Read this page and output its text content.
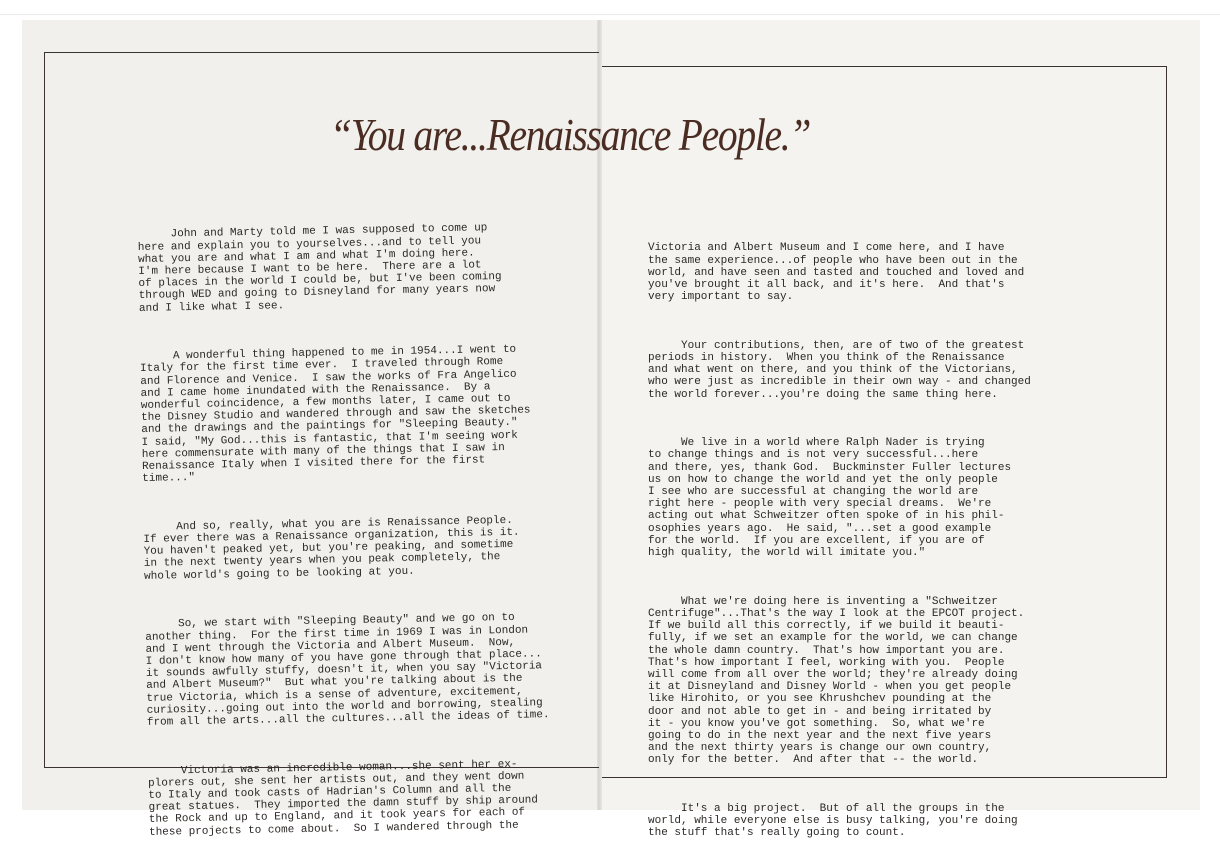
“You are...Renaissance People.”

John and Marty told me I was supposed to come up
here and explain you to yourselves...and to tell you
what you are and what I am and what I'm doing here.
I'm here because I want to be here.  There are a lot
of places in the world I could be, but I've been coming
through WED and going to Disneyland for many years now
and I like what I see.

A wonderful thing happened to me in 1954...I went to
Italy for the first time ever.  I traveled through Rome
and Florence and Venice.  I saw the works of Fra Angelico
and I came home inundated with the Renaissance.  By a
wonderful coincidence, a few months later, I came out to
the Disney Studio and wandered through and saw the sketches
and the drawings and the paintings for "Sleeping Beauty."
I said, "My God...this is fantastic, that I'm seeing work
here commensurate with many of the things that I saw in
Renaissance Italy when I visited there for the first
time..."

And so, really, what you are is Renaissance People.
If ever there was a Renaissance organization, this is it.
You haven't peaked yet, but you're peaking, and sometime
in the next twenty years when you peak completely, the
whole world's going to be looking at you.

So, we start with "Sleeping Beauty" and we go on to
another thing.  For the first time in 1969 I was in London
and I went through the Victoria and Albert Museum.  Now,
I don't know how many of you have gone through that place...
it sounds awfully stuffy, doesn't it, when you say "Victoria
and Albert Museum?"  But what you're talking about is the
true Victoria, which is a sense of adventure, excitement,
curiosity...going out into the world and borrowing, stealing
from all the arts...all the cultures...all the ideas of time.

Victoria was an incredible woman...she sent her ex-
plorers out, she sent her artists out, and they went down
to Italy and took casts of Hadrian's Column and all the
great statues.  They imported the damn stuff by ship around
the Rock and up to England, and it took years for each of
these projects to come about.  So I wandered through the

Victoria and Albert Museum and I come here, and I have
the same experience...of people who have been out in the
world, and have seen and tasted and touched and loved and
you've brought it all back, and it's here.  And that's
very important to say.

Your contributions, then, are of two of the greatest
periods in history.  When you think of the Renaissance
and what went on there, and you think of the Victorians,
who were just as incredible in their own way - and changed
the world forever...you're doing the same thing here.

We live in a world where Ralph Nader is trying
to change things and is not very successful...here
and there, yes, thank God.  Buckminster Fuller lectures
us on how to change the world and yet the only people
I see who are successful at changing the world are
right here - people with very special dreams.  We're
acting out what Schweitzer often spoke of in his phil-
osophies years ago.  He said, "...set a good example
for the world.  If you are excellent, if you are of
high quality, the world will imitate you."

What we're doing here is inventing a "Schweitzer
Centrifuge"...That's the way I look at the EPCOT project.
If we build all this correctly, if we build it beauti-
fully, if we set an example for the world, we can change
the whole damn country.  That's how important you are.
That's how important I feel, working with you.  People
will come from all over the world; they're already doing
it at Disneyland and Disney World - when you get people
like Hirohito, or you see Khrushchev pounding at the
door and not able to get in - and being irritated by
it - you know you've got something.  So, what we're
going to do in the next year and the next five years
and the next thirty years is change our own country,
only for the better.  And after that -- the world.

It's a big project.  But of all the groups in the
world, while everyone else is busy talking, you're doing
the stuff that's really going to count.
